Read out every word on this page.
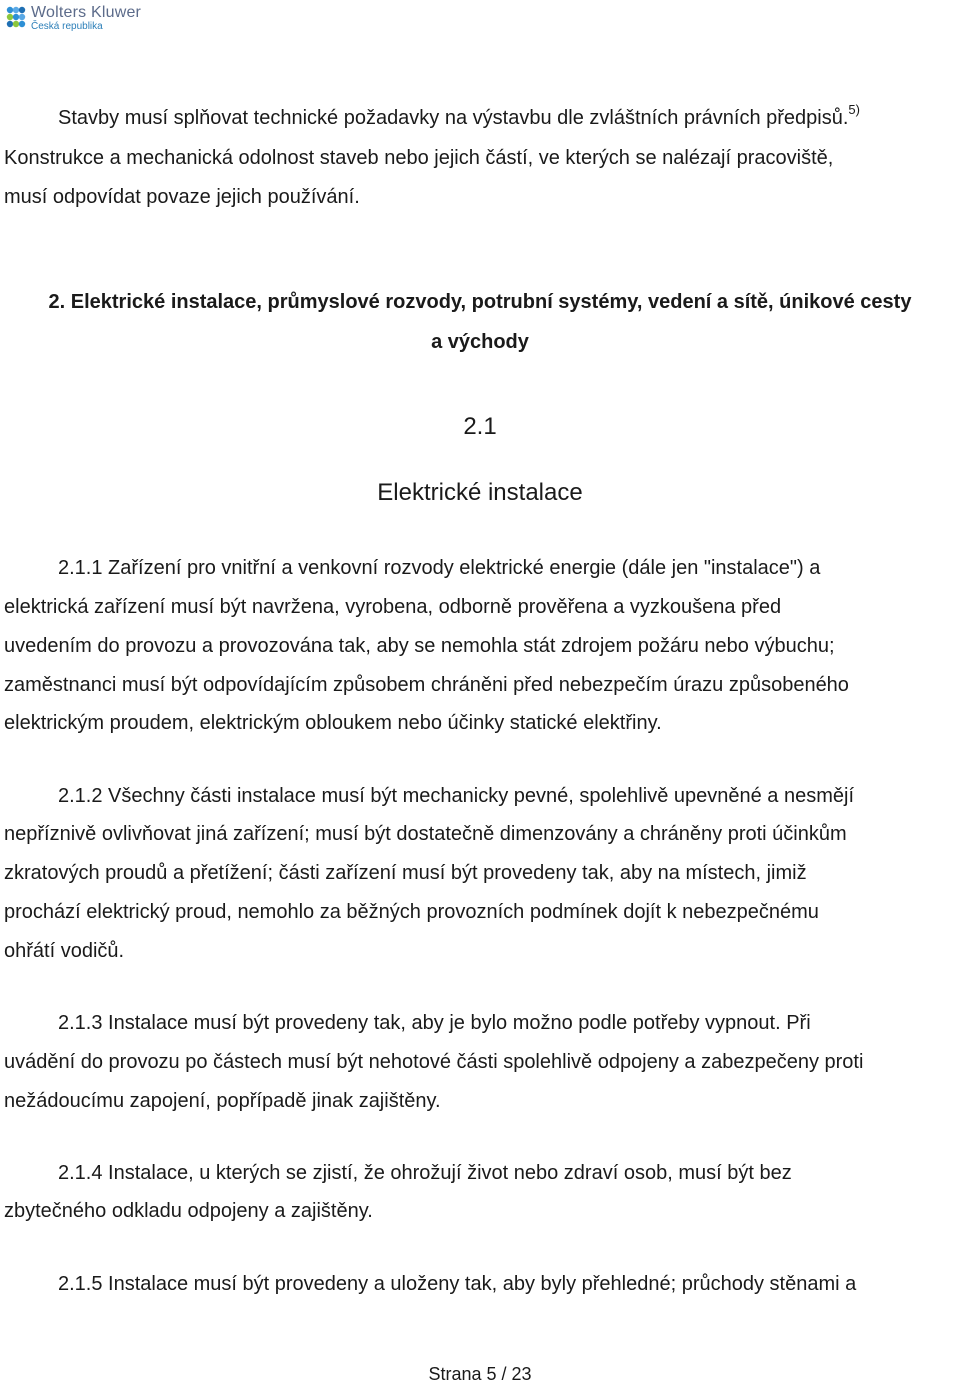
Wolters Kluwer
Česká republika
Stavby musí splňovat technické požadavky na výstavbu dle zvláštních právních předpisů.$^{5)}$
Konstrukce a mechanická odolnost staveb nebo jejich částí, ve kterých se nalézají pracoviště,
musí odpovídat povaze jejich používání.
2. Elektrické instalace, průmyslové rozvody, potrubní systémy, vedení a sítě, únikové cesty
a východy
2.1
Elektrické instalace
2.1.1 Zařízení pro vnitřní a venkovní rozvody elektrické energie (dále jen "instalace") a
elektrická zařízení musí být navržena, vyrobena, odborně prověřena a vyzkoušena před
uvedením do provozu a provozována tak, aby se nemohla stát zdrojem požáru nebo výbuchu;
zaměstnanci musí být odpovídajícím způsobem chráněni před nebezpečím úrazu způsobeného
elektrickým proudem, elektrickým obloukem nebo účinky statické elektřiny.
2.1.2 Všechny části instalace musí být mechanicky pevné, spolehlivě upevněné a nesmějí
nepříznivě ovlivňovat jiná zařízení; musí být dostatečně dimenzovány a chráněny proti účinkům
zkratových proudů a přetížení; části zařízení musí být provedeny tak, aby na místech, jimiž
prochází elektrický proud, nemohlo za běžných provozních podmínek dojít k nebezpečnému
ohřátí vodičů.
2.1.3 Instalace musí být provedeny tak, aby je bylo možno podle potřeby vypnout. Při
uvádění do provozu po částech musí být nehotové části spolehlivě odpojeny a zabezpečeny proti
nežádoucímu zapojení, popřípadě jinak zajištěny.
2.1.4 Instalace, u kterých se zjistí, že ohrožují život nebo zdraví osob, musí být bez
zbytečného odkladu odpojeny a zajištěny.
2.1.5 Instalace musí být provedeny a uloženy tak, aby byly přehledné; průchody stěnami a
Strana 5 / 23
